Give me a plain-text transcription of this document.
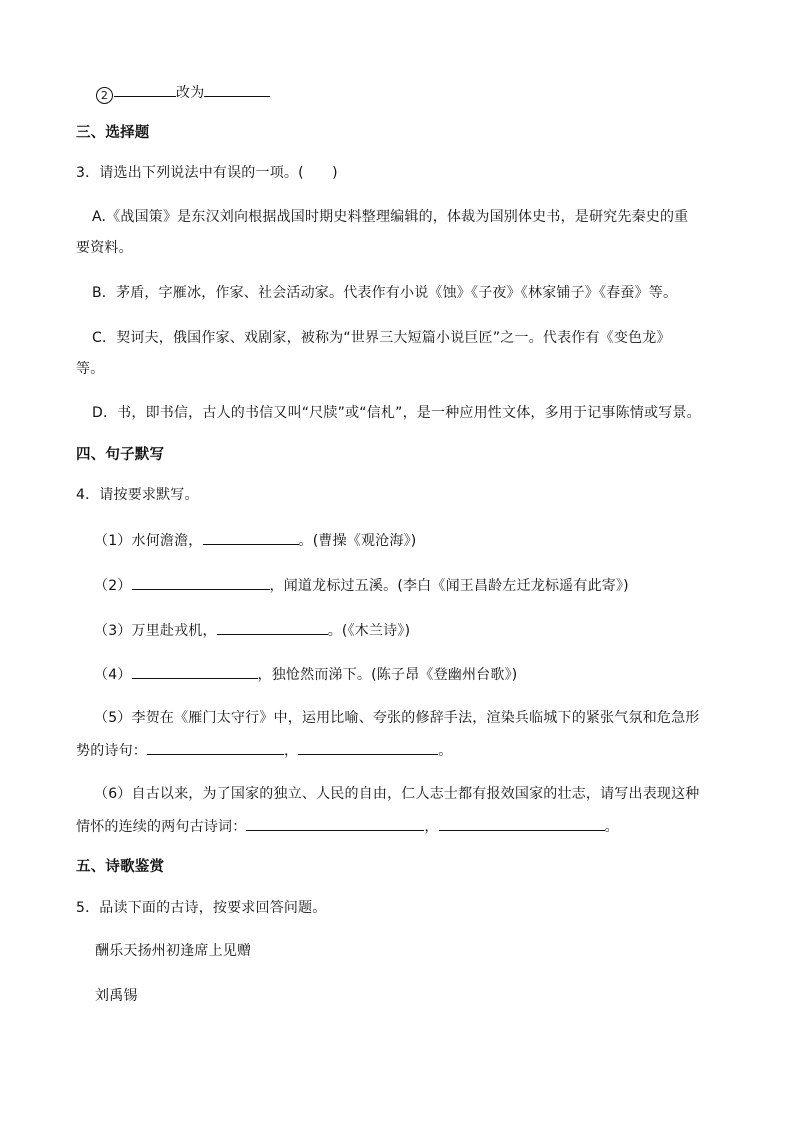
2	改为
三、选择题
3．请选出下列说法中有误的一项。(　　)
A.《战国策》是东汉刘向根据战国时期史料整理编辑的，体裁为国别体史书，是研究先秦史的重
要资料。
B．茅盾，字雁冰，作家、社会活动家。代表作有小说《蚀》《子夜》《林家铺子》《春蚕》等。
C．契诃夫，俄国作家、戏剧家，被称为“世界三大短篇小说巨匠”之一。代表作有《变色龙》
等。
D．书，即书信，古人的书信又叫“尺牍”或“信札”，是一种应用性文体，多用于记事陈情或写景。
四、句子默写
4．请按要求默写。
（1）水何澹澹，	。(曹操《观沧海》)
（2）	，闻道龙标过五溪。(李白《闻王昌龄左迁龙标遥有此寄》)
（3）万里赴戎机，	。(《木兰诗》)
（4）	，独怆然而涕下。(陈子昂《登幽州台歌》)
（5）李贺在《雁门太守行》中，运用比喻、夸张的修辞手法，渲染兵临城下的紧张气氛和危急形
势的诗句：	，	。
（6）自古以来，为了国家的独立、人民的自由，仁人志士都有报效国家的壮志，请写出表现这种
情怀的连续的两句古诗词：	，	。
五、诗歌鉴赏
5．品读下面的古诗，按要求回答问题。
酬乐天扬州初逢席上见赠
刘禹锡
